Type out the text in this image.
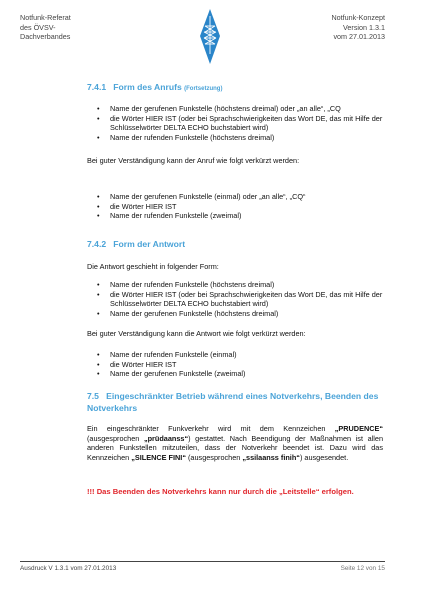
Notfunk-Referat
des ÖVSV-
Dachverbandes
Notfunk-Konzept
Version 1.3.1
vom 27.01.2013
7.4.1 Form des Anrufs (Fortsetzung)
• Name der gerufenen Funkstelle (höchstens dreimal) oder „an alle“, „CQ
• die Wörter HIER IST (oder bei Sprachschwierigkeiten das Wort DE, das mit Hilfe der Schlüsselwörter DELTA ECHO buchstabiert wird)
• Name der rufenden Funkstelle (höchstens dreimal)
Bei guter Verständigung kann der Anruf wie folgt verkürzt werden:
• Name der gerufenen Funkstelle (einmal) oder „an alle“, „CQ“
• die Wörter HIER IST
• Name der rufenden Funkstelle (zweimal)
7.4.2 Form der Antwort
Die Antwort geschieht in folgender Form:
• Name der rufenden Funkstelle (höchstens dreimal)
• die Wörter HIER IST (oder bei Sprachschwierigkeiten das Wort DE, das mit Hilfe der Schlüsselwörter DELTA ECHO buchstabiert wird)
• Name der gerufenen Funkstelle (höchstens dreimal)
Bei guter Verständigung kann die Antwort wie folgt verkürzt werden:
• Name der rufenden Funkstelle (einmal)
• die Wörter HIER IST
• Name der gerufenen Funkstelle (zweimal)
7.5 Eingeschränkter Betrieb während eines Notverkehrs, Beenden des Notverkehrs
Ein eingeschränkter Funkverkehr wird mit dem Kennzeichen „PRUDENCE“ (ausgesprochen „prüdaanss“) gestattet. Nach Beendigung der Maßnahmen ist allen anderen Funkstellen mitzuteilen, dass der Notverkehr beendet ist. Dazu wird das Kennzeichen „SILENCE FINI“ (ausgesprochen „ssilaanss finih“) ausgesendet.
!!! Das Beenden des Notverkehrs kann nur durch die „Leitstelle“ erfolgen.
Ausdruck V 1.3.1 vom 27.01.2013	Seite 12 von 15
